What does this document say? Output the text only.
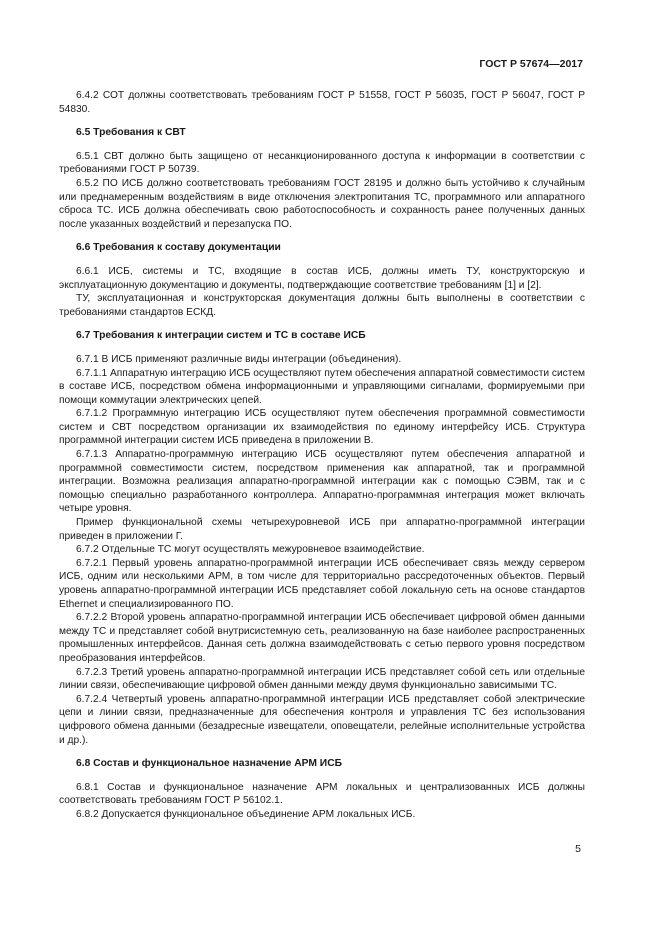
ГОСТ Р 57674—2017

6.4.2 СОТ должны соответствовать требованиям ГОСТ Р 51558, ГОСТ Р 56035, ГОСТ Р 56047, ГОСТ Р 54830.

6.5 Требования к СВТ

6.5.1 СВТ должно быть защищено от несанкционированного доступа к информации в соответствии с требованиями ГОСТ Р 50739.

6.5.2 ПО ИСБ должно соответствовать требованиям ГОСТ 28195 и должно быть устойчиво к случайным или преднамеренным воздействиям в виде отключения электропитания ТС, программного или аппаратного сброса ТС. ИСБ должна обеспечивать свою работоспособность и сохранность ранее полученных данных после указанных воздействий и перезапуска ПО.

6.6 Требования к составу документации

6.6.1 ИСБ, системы и ТС, входящие в состав ИСБ, должны иметь ТУ, конструкторскую и эксплуатационную документацию и документы, подтверждающие соответствие требованиям [1] и [2].

ТУ, эксплуатационная и конструкторская документация должны быть выполнены в соответствии с требованиями стандартов ЕСКД.

6.7 Требования к интеграции систем и ТС в составе ИСБ

6.7.1 В ИСБ применяют различные виды интеграции (объединения).

6.7.1.1 Аппаратную интеграцию ИСБ осуществляют путем обеспечения аппаратной совместимости систем в составе ИСБ, посредством обмена информационными и управляющими сигналами, формируемыми при помощи коммутации электрических цепей.

6.7.1.2 Программную интеграцию ИСБ осуществляют путем обеспечения программной совместимости систем и СВТ посредством организации их взаимодействия по единому интерфейсу ИСБ. Структура программной интеграции систем ИСБ приведена в приложении В.

6.7.1.3 Аппаратно-программную интеграцию ИСБ осуществляют путем обеспечения аппаратной и программной совместимости систем, посредством применения как аппаратной, так и программной интеграции. Возможна реализация аппаратно-программной интеграции как с помощью СЭВМ, так и с помощью специально разработанного контроллера. Аппаратно-программная интеграция может включать четыре уровня.

Пример функциональной схемы четырехуровневой ИСБ при аппаратно-программной интеграции приведен в приложении Г.

6.7.2 Отдельные ТС могут осуществлять межуровневое взаимодействие.

6.7.2.1 Первый уровень аппаратно-программной интеграции ИСБ обеспечивает связь между сервером ИСБ, одним или несколькими АРМ, в том числе для территориально рассредоточенных объектов. Первый уровень аппаратно-программной интеграции ИСБ представляет собой локальную сеть на основе стандартов Ethernet и специализированного ПО.

6.7.2.2 Второй уровень аппаратно-программной интеграции ИСБ обеспечивает цифровой обмен данными между ТС и представляет собой внутрисистемную сеть, реализованную на базе наиболее распространенных промышленных интерфейсов. Данная сеть должна взаимодействовать с сетью первого уровня посредством преобразования интерфейсов.

6.7.2.3 Третий уровень аппаратно-программной интеграции ИСБ представляет собой сеть или отдельные линии связи, обеспечивающие цифровой обмен данными между двумя функционально зависимыми ТС.

6.7.2.4 Четвертый уровень аппаратно-программной интеграции ИСБ представляет собой электрические цепи и линии связи, предназначенные для обеспечения контроля и управления ТС без использования цифрового обмена данными (безадресные извещатели, оповещатели, релейные исполнительные устройства и др.).

6.8 Состав и функциональное назначение АРМ ИСБ

6.8.1 Состав и функциональное назначение АРМ локальных и централизованных ИСБ должны соответствовать требованиям ГОСТ Р 56102.1.

6.8.2 Допускается функциональное объединение АРМ локальных ИСБ.

5
